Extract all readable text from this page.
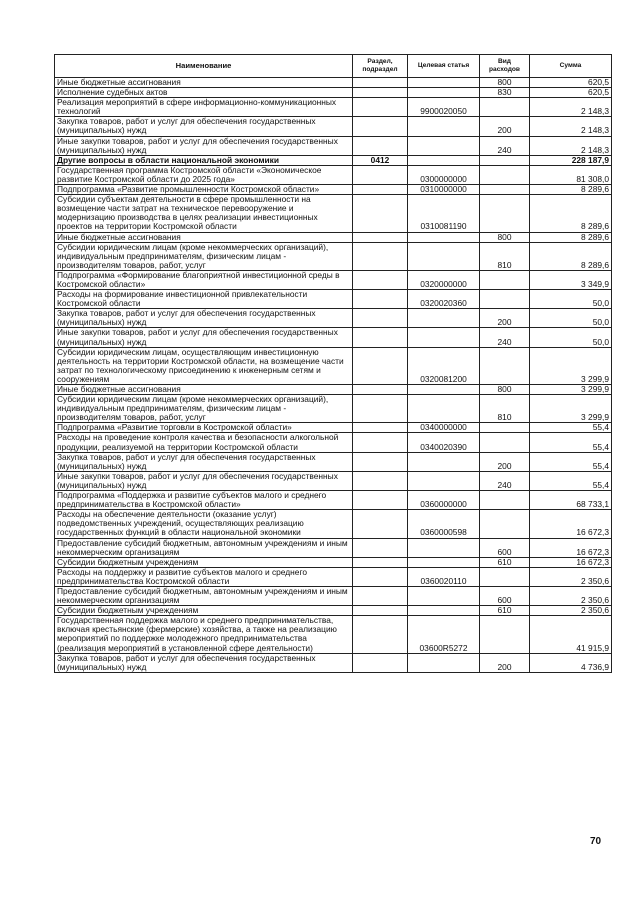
Наименование	Раздел, подраздел	Целевая статья	Вид расходов	Сумма
Иные бюджетные ассигнования			800	620,5
Исполнение судебных актов			830	620,5
Реализация мероприятий в сфере информационно-коммуникационных технологий		9900020050		2 148,3
Закупка товаров, работ и услуг для обеспечения государственных (муниципальных) нужд			200	2 148,3
Иные закупки товаров, работ и услуг для обеспечения государственных (муниципальных) нужд			240	2 148,3
Другие вопросы в области национальной экономики	0412			228 187,9
Государственная программа Костромской области «Экономическое развитие Костромской области до 2025 года»		0300000000		81 308,0
Подпрограмма «Развитие промышленности Костромской области»		0310000000		8 289,6
Субсидии субъектам деятельности в сфере промышленности на возмещение части затрат на техническое перевооружение и модернизацию производства в целях реализации инвестиционных проектов на территории Костромской области		0310081190		8 289,6
Иные бюджетные ассигнования			800	8 289,6
Субсидии юридическим лицам (кроме некоммерческих организаций), индивидуальным предпринимателям, физическим лицам - производителям товаров, работ, услуг			810	8 289,6
Подпрограмма «Формирование благоприятной инвестиционной среды в Костромской области»		0320000000		3 349,9
Расходы на формирование инвестиционной привлекательности Костромской области		0320020360		50,0
Закупка товаров, работ и услуг для обеспечения государственных (муниципальных) нужд			200	50,0
Иные закупки товаров, работ и услуг для обеспечения государственных (муниципальных) нужд			240	50,0
Субсидии юридическим лицам, осуществляющим инвестиционную деятельность на территории Костромской области, на возмещение части затрат по технологическому присоединению к инженерным сетям и сооружениям		0320081200		3 299,9
Иные бюджетные ассигнования			800	3 299,9
Субсидии юридическим лицам (кроме некоммерческих организаций), индивидуальным предпринимателям, физическим лицам - производителям товаров, работ, услуг			810	3 299,9
Подпрограмма «Развитие торговли в Костромской области»		0340000000		55,4
Расходы на проведение контроля качества и безопасности алкогольной продукции, реализуемой на территории Костромской области		0340020390		55,4
Закупка товаров, работ и услуг для обеспечения государственных (муниципальных) нужд			200	55,4
Иные закупки товаров, работ и услуг для обеспечения государственных (муниципальных) нужд			240	55,4
Подпрограмма «Поддержка и развитие субъектов малого и среднего предпринимательства в Костромской области»		0360000000		68 733,1
Расходы на обеспечение деятельности (оказание услуг) подведомственных учреждений, осуществляющих реализацию государственных функций в области национальной экономики		0360000598		16 672,3
Предоставление субсидий бюджетным, автономным учреждениям и иным некоммерческим организациям			600	16 672,3
Субсидии бюджетным учреждениям			610	16 672,3
Расходы на поддержку и развитие субъектов малого и среднего предпринимательства Костромской области		0360020110		2 350,6
Предоставление субсидий бюджетным, автономным учреждениям и иным некоммерческим организациям			600	2 350,6
Субсидии бюджетным учреждениям			610	2 350,6
Государственная поддержка малого и среднего предпринимательства, включая крестьянские (фермерские) хозяйства, а также на реализацию мероприятий по поддержке молодежного предпринимательства (реализация мероприятий в установленной сфере деятельности)		03600R5272		41 915,9
Закупка товаров, работ и услуг для обеспечения государственных (муниципальных) нужд			200	4 736,9
70
